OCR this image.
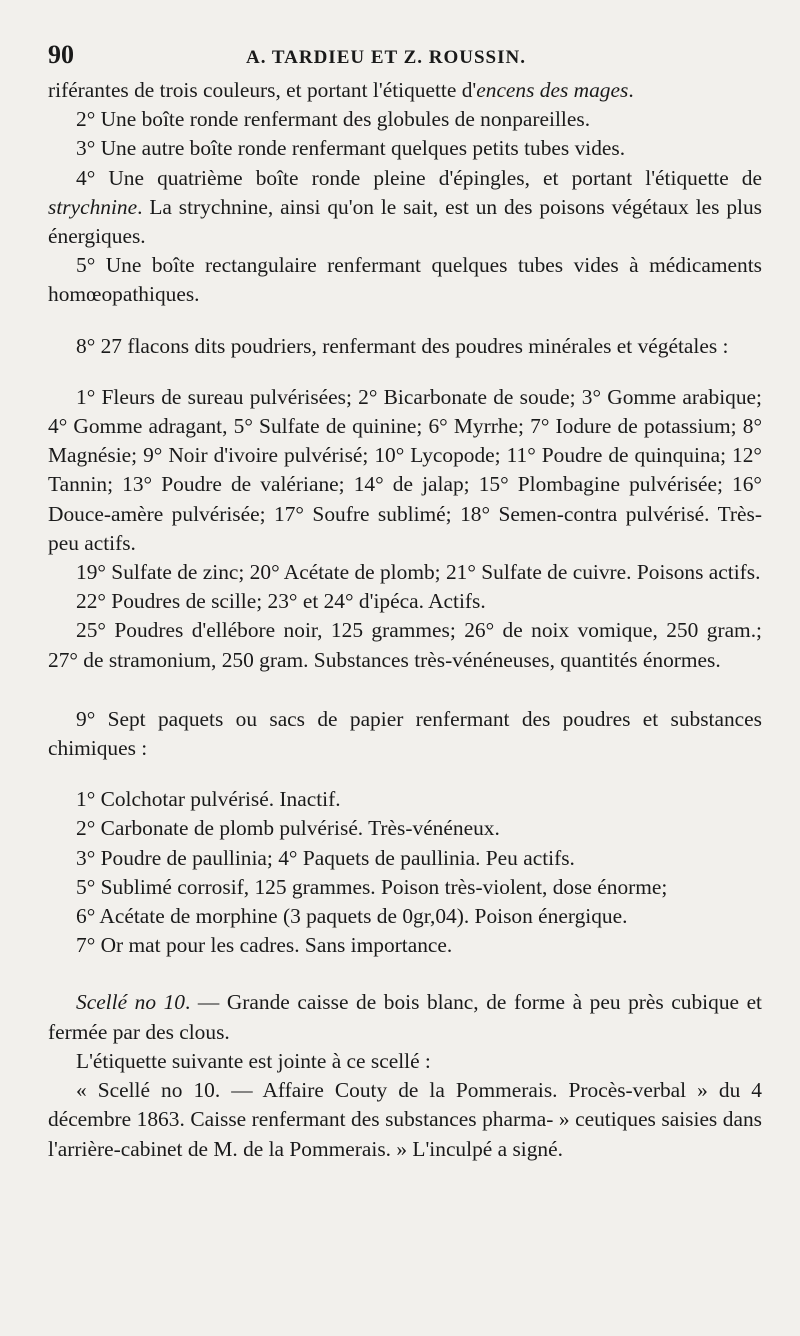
90	A. TARDIEU ET Z. ROUSSIN.

riférantes de trois couleurs, et portant l'étiquette d'encens des mages.

2° Une boîte ronde renfermant des globules de nonpareilles.

3° Une autre boîte ronde renfermant quelques petits tubes vides.

4° Une quatrième boîte ronde pleine d'épingles, et portant l'étiquette de strychnine. La strychnine, ainsi qu'on le sait, est un des poisons végétaux les plus énergiques.

5° Une boîte rectangulaire renfermant quelques tubes vides à médicaments homœopathiques.

8° 27 flacons dits poudriers, renfermant des poudres minérales et végétales :

1° Fleurs de sureau pulvérisées; 2° Bicarbonate de soude; 3° Gomme arabique; 4° Gomme adragant, 5° Sulfate de quinine; 6° Myrrhe; 7° Iodure de potassium; 8° Magnésie; 9° Noir d'ivoire pulvérisé; 10° Lycopode; 11° Poudre de quinquina; 12° Tannin; 13° Poudre de valériane; 14° de jalap; 15° Plombagine pulvérisée; 16° Douce-amère pulvérisée; 17° Soufre sublimé; 18° Semen-contra pulvérisé. Très-peu actifs.

19° Sulfate de zinc; 20° Acétate de plomb; 21° Sulfate de cuivre. Poisons actifs.

22° Poudres de scille; 23° et 24° d'ipéca. Actifs.

25° Poudres d'ellébore noir, 125 grammes; 26° de noix vomique, 250 gram.; 27° de stramonium, 250 gram. Substances très-vénéneuses, quantités énormes.

9° Sept paquets ou sacs de papier renfermant des poudres et substances chimiques :

1° Colchotar pulvérisé. Inactif.

2° Carbonate de plomb pulvérisé. Très-vénéneux.

3° Poudre de paullinia; 4° Paquets de paullinia. Peu actifs.

5° Sublimé corrosif, 125 grammes. Poison très-violent, dose énorme;

6° Acétate de morphine (3 paquets de 0gr,04). Poison énergique.

7° Or mat pour les cadres. Sans importance.

Scellé no 10. — Grande caisse de bois blanc, de forme à peu près cubique et fermée par des clous.

L'étiquette suivante est jointe à ce scellé :

« Scellé no 10. — Affaire Couty de la Pommerais. Procès-verbal » du 4 décembre 1863. Caisse renfermant des substances pharma- » ceutiques saisies dans l'arrière-cabinet de M. de la Pommerais. » L'inculpé a signé.
